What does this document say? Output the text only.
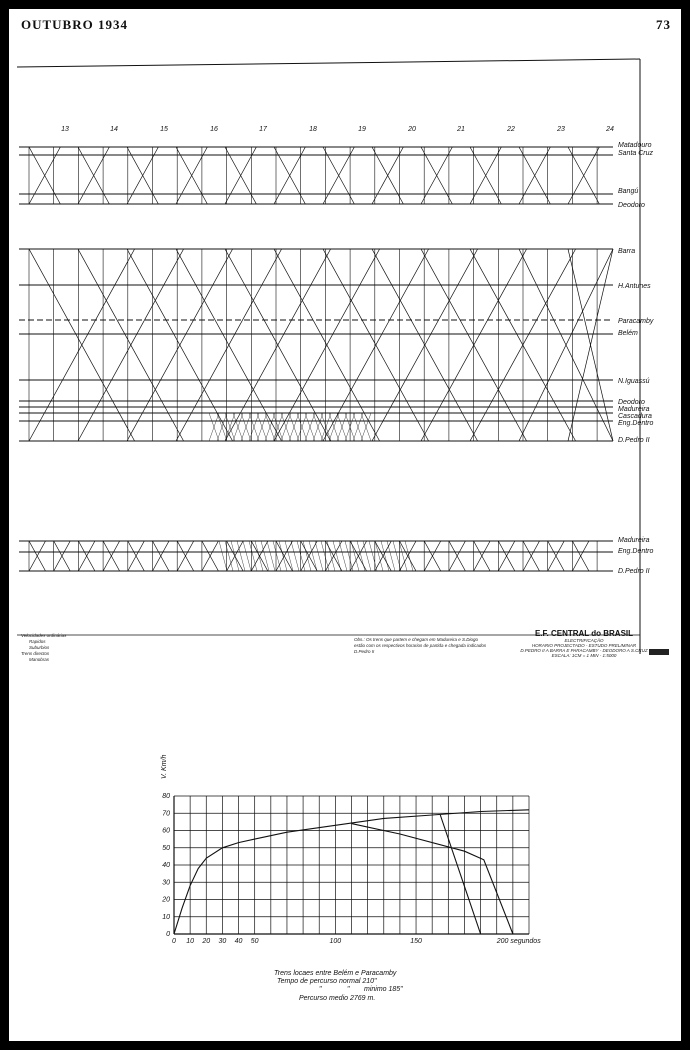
OUTUBRO 1934	73
13	14	15	16	17	18	19	20	21	22	23	24
Matadouro
Santa Cruz
Bangú
Deodoro
Barra
H.Antunes
Paracamby
Belém
N.Iguassú
Deodoro
Madureira
Cascadura
Eng.Dentro
D.Pedro II
Madureira
Eng.Dentro
D.Pedro II
Velocidades ordinárias
Rapidos
Suburbios
Trens directos
Manobras
Obs.: Os trens que partem e chegam em Madureira e S.Diogo
estão com os respectivos horarios de partida e chegada indicados
D.Pedro II
E.F. CENTRAL do BRASIL
ELECTRIFICAÇÃO
HORARIO PROJECTADO - ESTUDO PRELIMINAR
D.PEDRO II A BARRA E PARACAMBY - DEODORO A S.CRUZ
ESCALA: 1CM = 1 MIN - 1:5000
0
10
20
30
40
50
60
70
80
0 10 20 30 40 50	100	150	200 segundos
V. Km/h
Trens locaes entre Belém e Paracamby
Tempo de percurso normal 210"
"	" minimo 185"
Percurso medio 2769 m.
